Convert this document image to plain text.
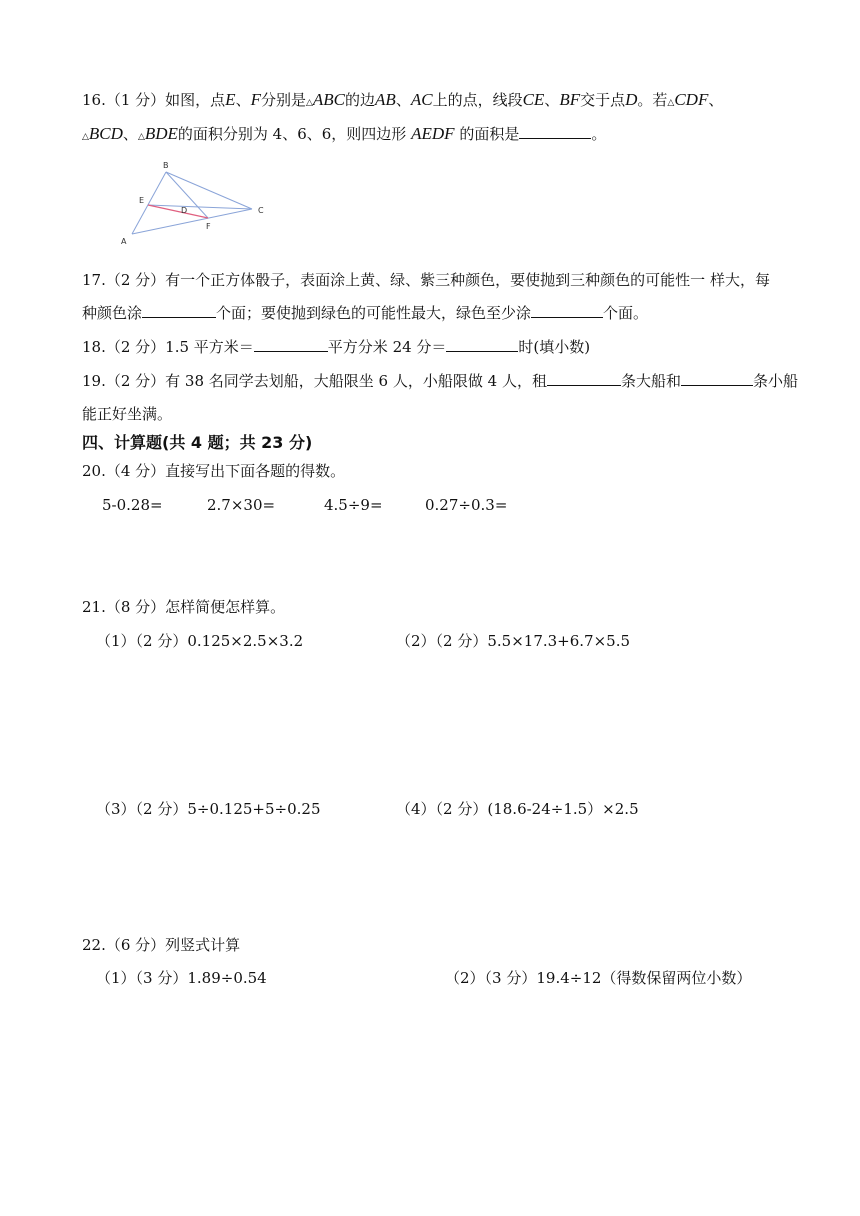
16.（1 分）如图，点E、F分别是△ABC的边AB、AC上的点，线段CE、BF交于点D。若△CDF、
△BCD、△BDE的面积分别为 4、6、6，则四边形 AEDF 的面积是	。
B
E
D	C
F
A
17.（2 分）有一个正方体骰子，表面涂上黄、绿、紫三种颜色，要使抛到三种颜色的可能性一 样大，每
种颜色涂	个面；要使抛到绿色的可能性最大，绿色至少涂	个面。
18.（2 分）1.5 平方米＝	平方分米 24 分＝	时(填小数)
19.（2 分）有 38 名同学去划船，大船限坐 6 人，小船限做 4 人，租	条大船和	条小船
能正好坐满。
四、计算题(共 4 题；共 23 分)
20.（4 分）直接写出下面各题的得数。
5-0.28=	2.7×30=	4.5÷9=	0.27÷0.3=
21.（8 分）怎样简便怎样算。
（1）（2 分）0.125×2.5×3.2	（2）（2 分）5.5×17.3+6.7×5.5
（3）（2 分）5÷0.125+5÷0.25	（4）（2 分）(18.6-24÷1.5）×2.5
22.（6 分）列竖式计算
（1）（3 分）1.89÷0.54	（2）（3 分）19.4÷12（得数保留两位小数）
